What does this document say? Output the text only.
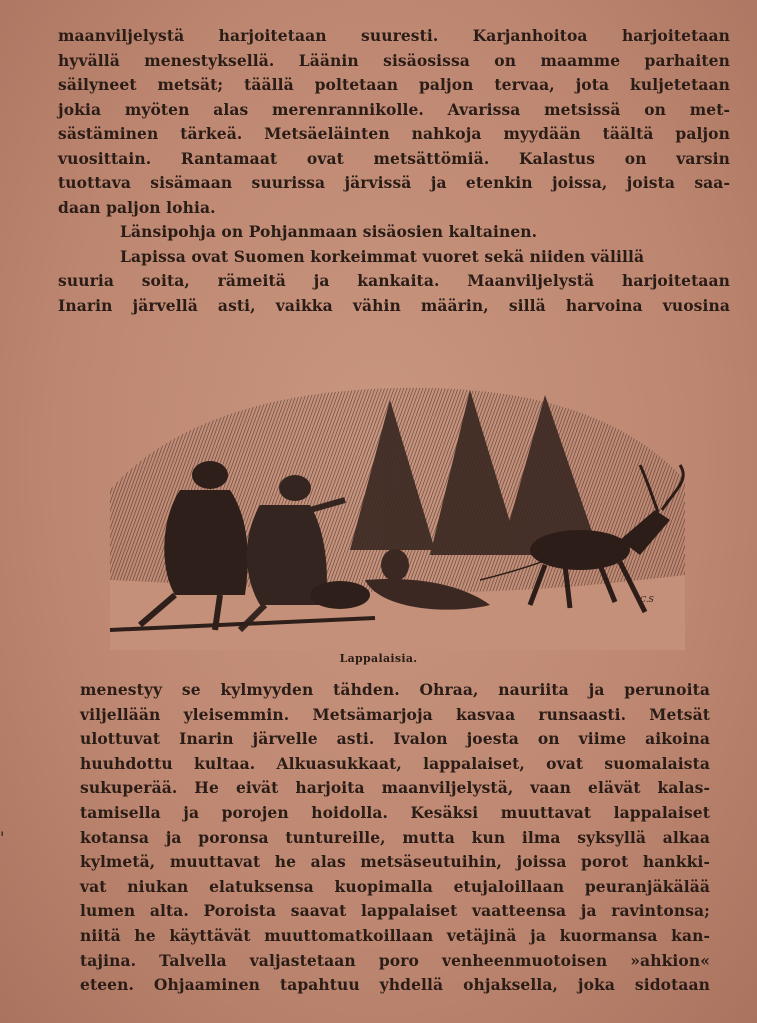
maanviljelystä harjoitetaan suuresti. Karjanhoitoa harjoitetaan
hyvällä menestyksellä. Läänin sisäosissa on maamme parhaiten
säilyneet metsät; täällä poltetaan paljon tervaa, jota kuljetetaan
jokia myöten alas merenrannikolle. Avarissa metsissä on met-
sästäminen tärkeä. Metsäeläinten nahkoja myydään täältä paljon
vuosittain. Rantamaat ovat metsättömiä. Kalastus on varsin
tuottava sisämaan suurissa järvissä ja etenkin joissa, joista saa-
daan paljon lohia.
Länsipohja on Pohjanmaan sisäosien kaltainen.
Lapissa ovat Suomen korkeimmat vuoret sekä niiden välillä
suuria soita, rämeitä ja kankaita. Maanviljelystä harjoitetaan
Inarin järvellä asti, vaikka vähin määrin, sillä harvoina vuosina
C.S
Lappalaisia.
menestyy se kylmyyden tähden. Ohraa, nauriita ja perunoita
viljellään yleisemmin. Metsämarjoja kasvaa runsaasti. Metsät
ulottuvat Inarin järvelle asti. Ivalon joesta on viime aikoina
huuhdottu kultaa. Alkuasukkaat, lappalaiset, ovat suomalaista
sukuperää. He eivät harjoita maanviljelystä, vaan elävät kalas-
tamisella ja porojen hoidolla. Kesäksi muuttavat lappalaiset
kotansa ja poronsa tuntureille, mutta kun ilma syksyllä alkaa
kylmetä, muuttavat he alas metsäseutuihin, joissa porot hankki-
vat niukan elatuksensa kuopimalla etujaloillaan peuranjäkälää
lumen alta. Poroista saavat lappalaiset vaatteensa ja ravintonsa;
niitä he käyttävät muuttomatkoillaan vetäjinä ja kuormansa kan-
tajina. Talvella valjastetaan poro venheenmuotoisen »ahkion«
eteen. Ohjaaminen tapahtuu yhdellä ohjaksella, joka sidotaan
'
